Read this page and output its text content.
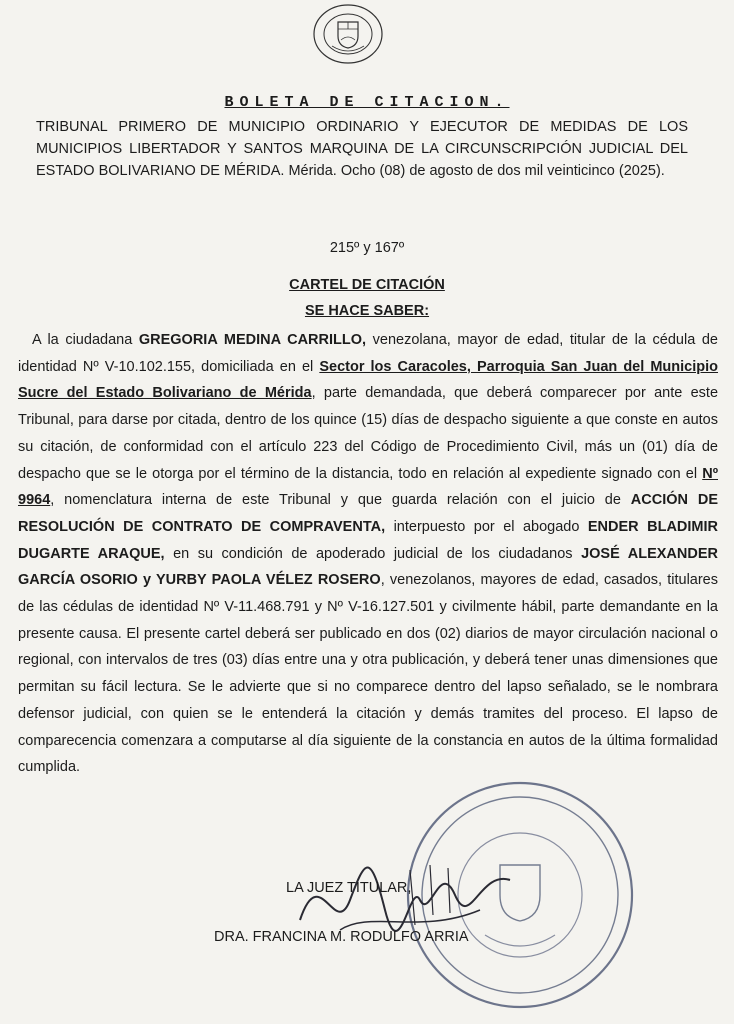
BOLETA DE CITACION.
TRIBUNAL PRIMERO DE MUNICIPIO ORDINARIO Y EJECUTOR DE MEDIDAS DE LOS MUNICIPIOS LIBERTADOR Y SANTOS MARQUINA DE LA CIRCUNSCRIPCIÓN JUDICIAL DEL ESTADO BOLIVARIANO DE MÉRIDA. Mérida. Ocho (08) de agosto de dos mil veinticinco (2025).
215º y 167º
CARTEL DE CITACIÓN
SE HACE SABER:
A la ciudadana GREGORIA MEDINA CARRILLO, venezolana, mayor de edad, titular de la cédula de identidad Nº V-10.102.155, domiciliada en el Sector los Caracoles, Parroquia San Juan del Municipio Sucre del Estado Bolivariano de Mérida, parte demandada, que deberá comparecer por ante este Tribunal, para darse por citada, dentro de los quince (15) días de despacho siguiente a que conste en autos su citación, de conformidad con el artículo 223 del Código de Procedimiento Civil, más un (01) día de despacho que se le otorga por el término de la distancia, todo en relación al expediente signado con el Nº 9964, nomenclatura interna de este Tribunal y que guarda relación con el juicio de ACCIÓN DE RESOLUCIÓN DE CONTRATO DE COMPRAVENTA, interpuesto por el abogado ENDER BLADIMIR DUGARTE ARAQUE, en su condición de apoderado judicial de los ciudadanos JOSÉ ALEXANDER GARCÍA OSORIO y YURBY PAOLA VÉLEZ ROSERO, venezolanos, mayores de edad, casados, titulares de las cédulas de identidad Nº V-11.468.791 y Nº V-16.127.501 y civilmente hábil, parte demandante en la presente causa. El presente cartel deberá ser publicado en dos (02) diarios de mayor circulación nacional o regional, con intervalos de tres (03) días entre una y otra publicación, y deberá tener unas dimensiones que permitan su fácil lectura. Se le advierte que si no comparece dentro del lapso señalado, se le nombrara defensor judicial, con quien se le entenderá la citación y demás tramites del proceso. El lapso de comparecencia comenzara a computarse al día siguiente de la constancia en autos de la última formalidad cumplida.
LA JUEZ TITULAR,
DRA. FRANCINA M. RODULFO ARRIA
